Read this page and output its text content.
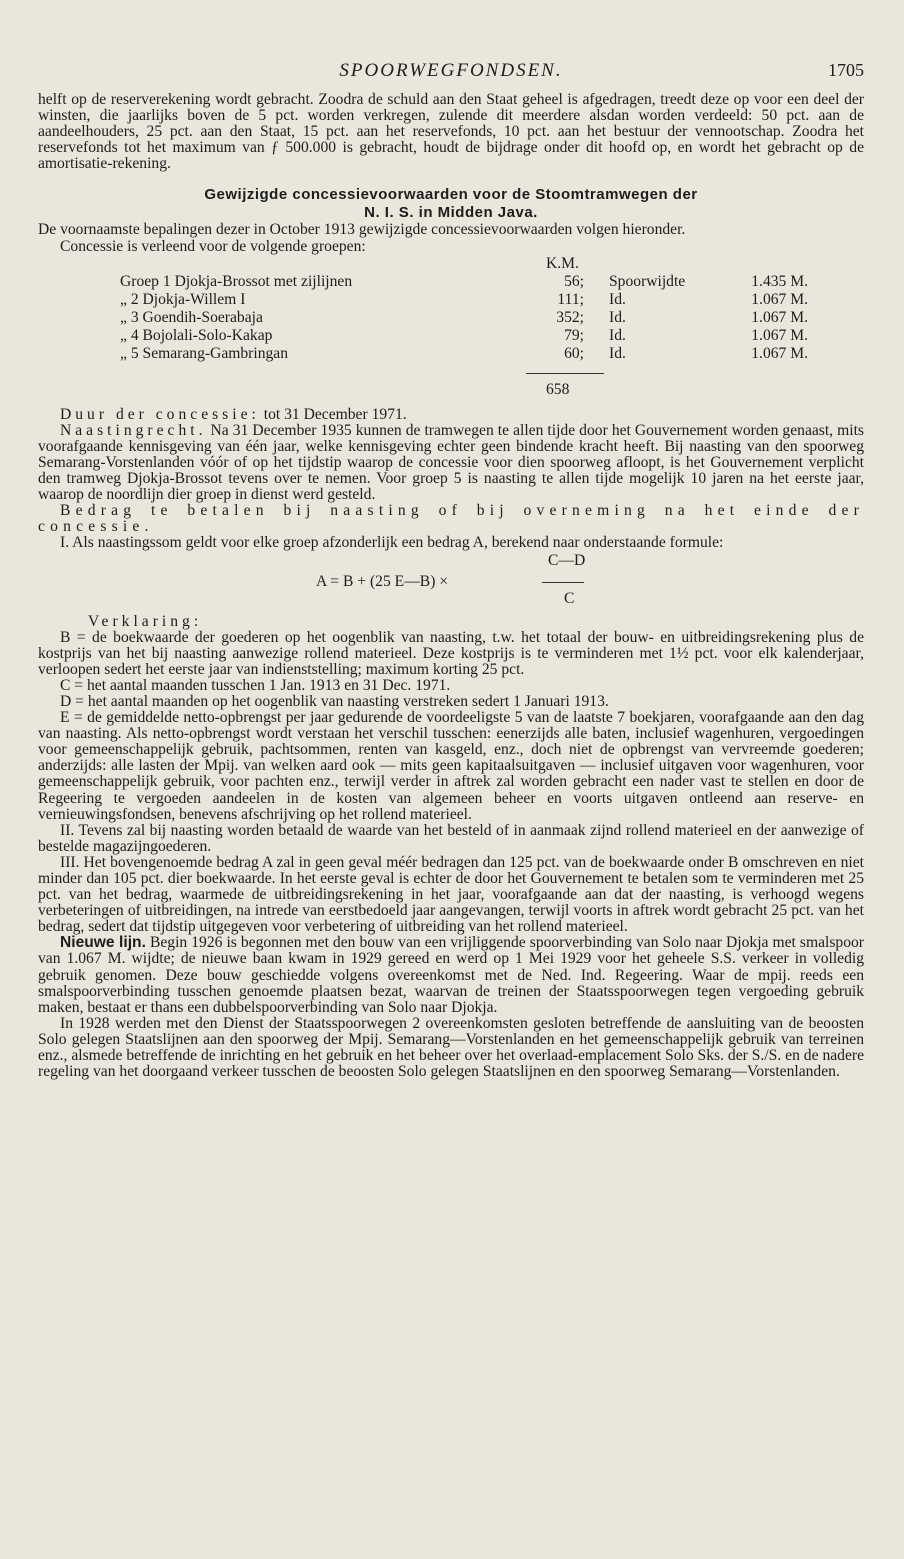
SPOORWEGFONDSEN.	1705

helft op de reserverekening wordt gebracht. Zoodra de schuld aan den Staat geheel is afgedragen, treedt deze op voor een deel der winsten, die jaarlijks boven de 5 pct. worden verkregen, zulende dit meerdere alsdan worden verdeeld: 50 pct. aan de aandeelhouders, 25 pct. aan den Staat, 15 pct. aan het reservefonds, 10 pct. aan het bestuur der vennootschap. Zoodra het reservefonds tot het maximum van ƒ 500.000 is gebracht, houdt de bijdrage onder dit hoofd op, en wordt het gebracht op de amortisatie-rekening.

Gewijzigde concessievoorwaarden voor de Stoomtramwegen der
N. I. S. in Midden Java.

De voornaamste bepalingen dezer in October 1913 gewijzigde concessievoorwaarden volgen hieronder.

Concessie is verleend voor de volgende groepen:

K.M.
Groep 1 Djokja-Brossot met zijlijnen	56; Spoorwijdte	1.435 M.
„ 2 Djokja-Willem I	111; Id.	1.067 M.
„ 3 Goendih-Soerabaja	352; Id.	1.067 M.
„ 4 Bojolali-Solo-Kakap	79; Id.	1.067 M.
„ 5 Semarang-Gambringan	60; Id.	1.067 M.
658

Duur der concessie: tot 31 December 1971.

Naastingrecht. Na 31 December 1935 kunnen de tramwegen te allen tijde door het Gouvernement worden genaast, mits voorafgaande kennisgeving van één jaar, welke kennisgeving echter geen bindende kracht heeft. Bij naasting van den spoorweg Semarang-Vorstenlanden vóór of op het tijdstip waarop de concessie voor dien spoorweg afloopt, is het Gouvernement verplicht den tramweg Djokja-Brossot tevens over te nemen. Voor groep 5 is naasting te allen tijde mogelijk 10 jaren na het eerste jaar, waarop de noordlijn dier groep in dienst werd gesteld.

Bedrag te betalen bij naasting of bij overneming na het einde der concessie.

I. Als naastingssom geldt voor elke groep afzonderlijk een bedrag A, berekend naar onderstaande formule:

C—D
A = B + (25 E—B) ×
C

Verklaring:

B = de boekwaarde der goederen op het oogenblik van naasting, t.w. het totaal der bouw- en uitbreidingsrekening plus de kostprijs van het bij naasting aanwezige rollend materieel. Deze kostprijs is te verminderen met 1½ pct. voor elk kalenderjaar, verloopen sedert het eerste jaar van indienststelling; maximum korting 25 pct.

C = het aantal maanden tusschen 1 Jan. 1913 en 31 Dec. 1971.

D = het aantal maanden op het oogenblik van naasting verstreken sedert 1 Januari 1913.

E = de gemiddelde netto-opbrengst per jaar gedurende de voordeeligste 5 van de laatste 7 boekjaren, voorafgaande aan den dag van naasting. Als netto-opbrengst wordt verstaan het verschil tusschen: eenerzijds alle baten, inclusief wagenhuren, vergoedingen voor gemeenschappelijk gebruik, pachtsommen, renten van kasgeld, enz., doch niet de opbrengst van vervreemde goederen; anderzijds: alle lasten der Mpij. van welken aard ook — mits geen kapitaalsuitgaven — inclusief uitgaven voor wagenhuren, voor gemeenschappelijk gebruik, voor pachten enz., terwijl verder in aftrek zal worden gebracht een nader vast te stellen en door de Regeering te vergoeden aandeelen in de kosten van algemeen beheer en voorts uitgaven ontleend aan reserve- en vernieuwingsfondsen, benevens afschrijving op het rollend materieel.

II. Tevens zal bij naasting worden betaald de waarde van het besteld of in aanmaak zijnd rollend materieel en der aanwezige of bestelde magazijngoederen.

III. Het bovengenoemde bedrag A zal in geen geval méér bedragen dan 125 pct. van de boekwaarde onder B omschreven en niet minder dan 105 pct. dier boekwaarde. In het eerste geval is echter de door het Gouvernement te betalen som te verminderen met 25 pct. van het bedrag, waarmede de uitbreidingsrekening in het jaar, voorafgaande aan dat der naasting, is verhoogd wegens verbeteringen of uitbreidingen, na intrede van eerstbedoeld jaar aangevangen, terwijl voorts in aftrek wordt gebracht 25 pct. van het bedrag, sedert dat tijdstip uitgegeven voor verbetering of uitbreiding van het rollend materieel.

Nieuwe lijn. Begin 1926 is begonnen met den bouw van een vrijliggende spoorverbinding van Solo naar Djokja met smalspoor van 1.067 M. wijdte; de nieuwe baan kwam in 1929 gereed en werd op 1 Mei 1929 voor het geheele S.S. verkeer in volledig gebruik genomen. Deze bouw geschiedde volgens overeenkomst met de Ned. Ind. Regeering. Waar de mpij. reeds een smalspoorverbinding tusschen genoemde plaatsen bezat, waarvan de treinen der Staatsspoorwegen tegen vergoeding gebruik maken, bestaat er thans een dubbelspoorverbinding van Solo naar Djokja.

In 1928 werden met den Dienst der Staatsspoorwegen 2 overeenkomsten gesloten betreffende de aansluiting van de beoosten Solo gelegen Staatslijnen aan den spoorweg der Mpij. Semarang—Vorstenlanden en het gemeenschappelijk gebruik van terreinen enz., alsmede betreffende de inrichting en het gebruik en het beheer over het overlaad-emplacement Solo Sks. der S./S. en de nadere regeling van het doorgaand verkeer tusschen de beoosten Solo gelegen Staatslijnen en den spoorweg Semarang—Vorstenlanden.
